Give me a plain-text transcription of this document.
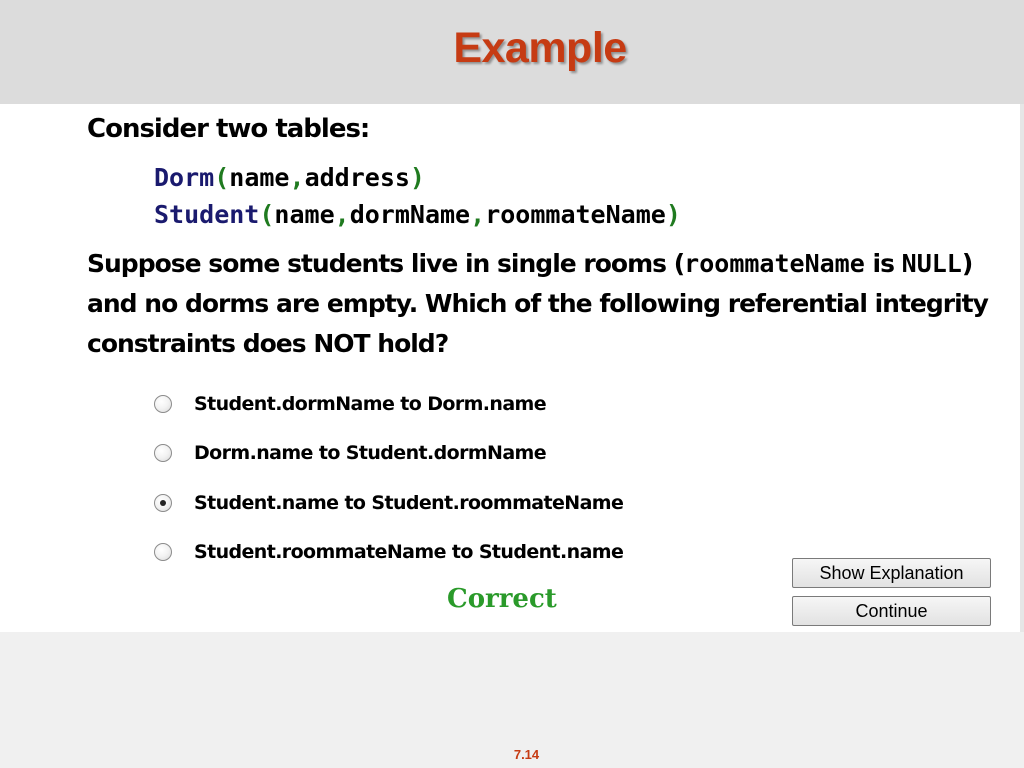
Example
Consider two tables:
Dorm(name,address)
Student(name,dormName,roommateName)
Suppose some students live in single rooms (roommateName is NULL) and no dorms are empty. Which of the following referential integrity constraints does NOT hold?
Student.dormName to Dorm.name
Dorm.name to Student.dormName
Student.name to Student.roommateName
Student.roommateName to Student.name
Correct
Show Explanation
Continue
7.14
